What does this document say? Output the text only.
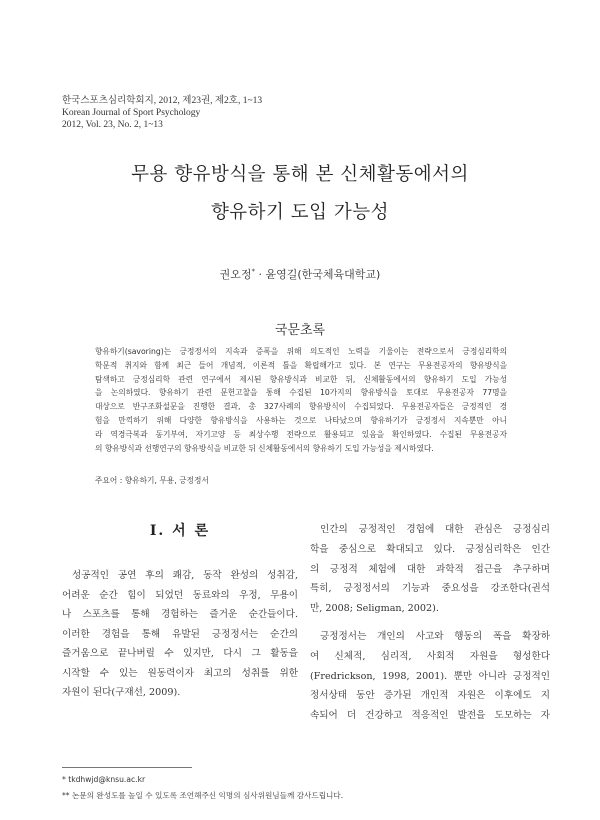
한국스포츠심리학회지, 2012, 제23권, 제2호, 1~13
Korean Journal of Sport Psychology
2012, Vol. 23, No. 2, 1~13
무용 향유방식을 통해 본 신체활동에서의
향유하기 도입 가능성
권오정* · 윤영길(한국체육대학교)
국문초록
향유하기(savoring)는 긍정정서의 지속과 증폭을 위해 의도적인 노력을 기울이는 전략으로서 긍정심리학의
학문적 취지와 함께 최근 들어 개념적, 이론적 틀을 확립해가고 있다. 본 연구는 무용전공자의 향유방식을
탐색하고 긍정심리학 관련 연구에서 제시된 향유방식과 비교한 뒤, 신체활동에서의 향유하기 도입 가능성
을 논의하였다. 향유하기 관련 문헌고찰을 통해 수집된 10가지의 향유방식을 토대로 무용전공자 77명을
대상으로 반구조화설문을 진행한 결과, 총 327사례의 향유방식이 수집되었다. 무용전공자들은 긍정적인 경
험을 만끽하기 위해 다양한 향유방식을 사용하는 것으로 나타났으며 향유하기가 긍정정서 지속뿐만 아니
라 역경극복과 동기부여, 자기고양 등 최상수행 전략으로 활용되고 있음을 확인하였다. 수집된 무용전공자
의 향유방식과 선행연구의 향유방식을 비교한 뒤 신체활동에서의 향유하기 도입 가능성을 제시하였다.
주요어 : 향유하기, 무용, 긍정정서
I. 서 론
성공적인 공연 후의 쾌감, 동작 완성의 성취감,
어려운 순간 힘이 되었던 동료와의 우정, 무용이
나 스포츠를 통해 경험하는 즐거운 순간들이다.
이러한 경험을 통해 유발된 긍정정서는 순간의
즐거움으로 끝나버릴 수 있지만, 다시 그 활동을
시작할 수 있는 원동력이자 최고의 성취를 위한
자원이 된다(구재선, 2009).
인간의 긍정적인 경험에 대한 관심은 긍정심리
학을 중심으로 확대되고 있다. 긍정심리학은 인간
의 긍정적 체험에 대한 과학적 접근을 추구하며
특히, 긍정정서의 기능과 중요성을 강조한다(권석
만, 2008; Seligman, 2002).
긍정정서는 개인의 사고와 행동의 폭을 확장하
여 신체적, 심리적, 사회적 자원을 형성한다
(Fredrickson, 1998, 2001). 뿐만 아니라 긍정적인
정서상태 동안 증가된 개인적 자원은 이후에도 지
속되어 더 건강하고 적응적인 발전을 도모하는 자
* tkdhwjd@knsu.ac.kr
** 논문의 완성도를 높일 수 있도록 조언해주신 익명의 심사위원님들께 감사드립니다.
